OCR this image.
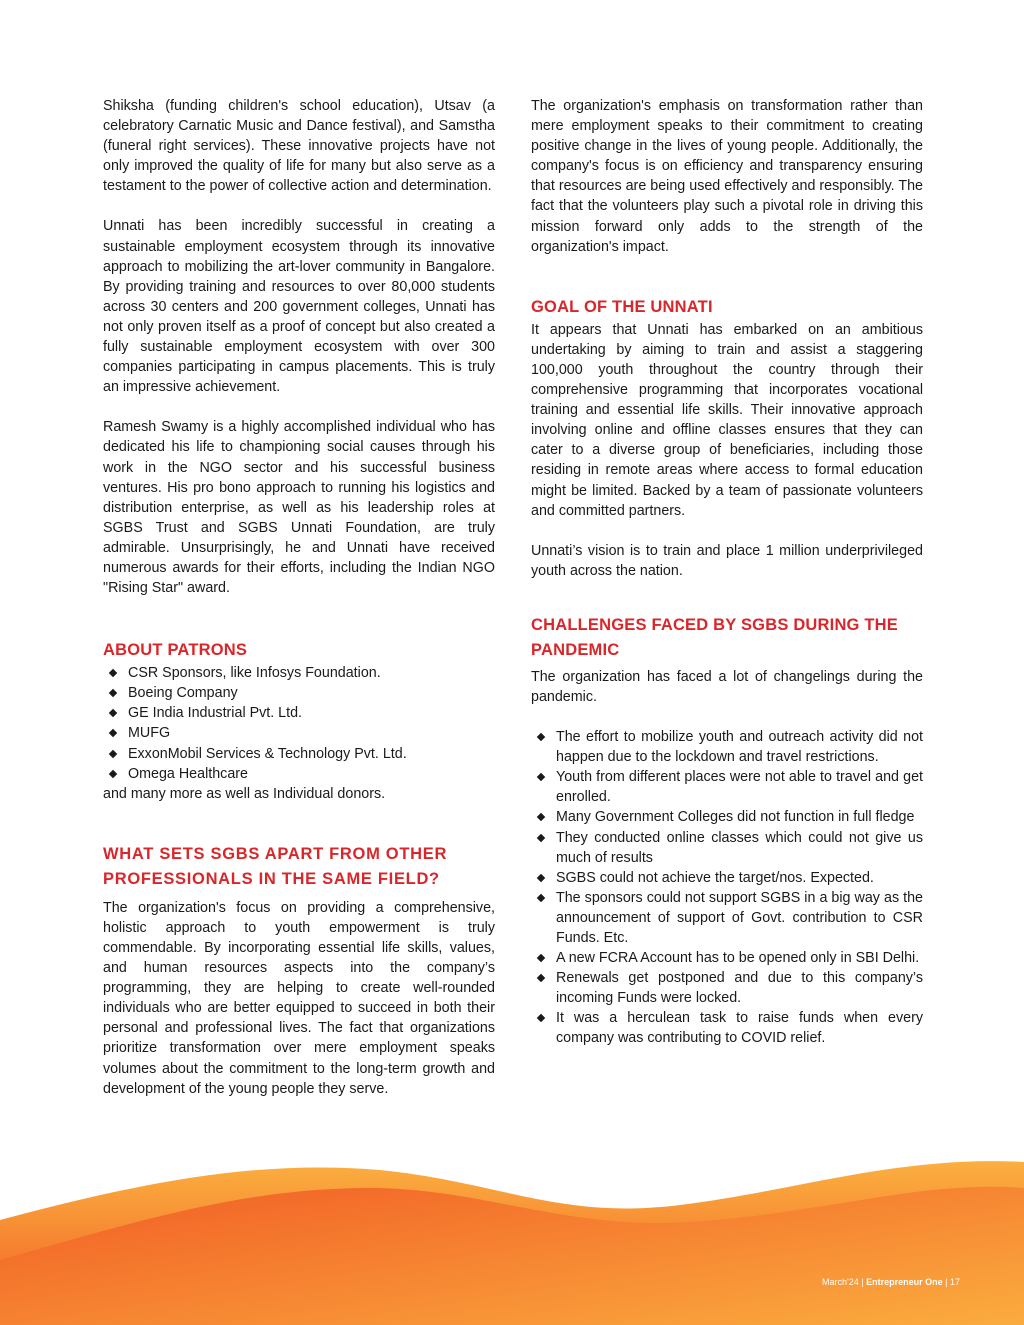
Shiksha (funding children's school education), Utsav (a celebratory Carnatic Music and Dance festival), and Samstha (funeral right services). These innovative projects have not only improved the quality of life for many but also serve as a testament to the power of collective action and determination.

Unnati has been incredibly successful in creating a sustainable employment ecosystem through its innovative approach to mobilizing the art-lover community in Bangalore. By providing training and resources to over 80,000 students across 30 centers and 200 government colleges, Unnati has not only proven itself as a proof of concept but also created a fully sustainable employment ecosystem with over 300 companies participating in campus placements. This is truly an impressive achievement.

Ramesh Swamy is a highly accomplished individual who has dedicated his life to championing social causes through his work in the NGO sector and his successful business ventures. His pro bono approach to running his logistics and distribution enterprise, as well as his leadership roles at SGBS Trust and SGBS Unnati Foundation, are truly admirable. Unsurprisingly, he and Unnati have received numerous awards for their efforts, including the Indian NGO "Rising Star" award.

ABOUT PATRONS
CSR Sponsors, like Infosys Foundation.
Boeing Company
GE India Industrial Pvt. Ltd.
MUFG
ExxonMobil Services & Technology Pvt. Ltd.
Omega Healthcare

and many more as well as Individual donors.

WHAT SETS SGBS APART FROM OTHER PROFESSIONALS IN THE SAME FIELD?

The organization's focus on providing a comprehensive, holistic approach to youth empowerment is truly commendable. By incorporating essential life skills, values, and human resources aspects into the company’s programming, they are helping to create well-rounded individuals who are better equipped to succeed in both their personal and professional lives. The fact that organizations prioritize transformation over mere employment speaks volumes about the commitment to the long-term growth and development of the young people they serve.

The organization's emphasis on transformation rather than mere employment speaks to their commitment to creating positive change in the lives of young people. Additionally, the company's focus is on efficiency and transparency ensuring that resources are being used effectively and responsibly. The fact that the volunteers play such a pivotal role in driving this mission forward only adds to the strength of the organization's impact.

GOAL OF THE UNNATI

It appears that Unnati has embarked on an ambitious undertaking by aiming to train and assist a staggering 100,000 youth throughout the country through their comprehensive programming that incorporates vocational training and essential life skills. Their innovative approach involving online and offline classes ensures that they can cater to a diverse group of beneficiaries, including those residing in remote areas where access to formal education might be limited. Backed by a team of passionate volunteers and committed partners.

Unnati’s vision is to train and place 1 million underprivileged youth across the nation.

CHALLENGES FACED BY SGBS DURING THE PANDEMIC

The organization has faced a lot of changelings during the pandemic.

The effort to mobilize youth and outreach activity did not happen due to the lockdown and travel restrictions.
Youth from different places were not able to travel and get enrolled.
Many Government Colleges did not function in full fledge
They conducted online classes which could not give us much of results
SGBS could not achieve the target/nos. Expected.
The sponsors could not support SGBS in a big way as the announcement of support of Govt. contribution to CSR Funds. Etc.
A new FCRA Account has to be opened only in SBI Delhi.
Renewals get postponed and due to this company’s incoming Funds were locked.
It was a herculean task to raise funds when every company was contributing to COVID relief.
March'24 | Entrepreneur One | 17
